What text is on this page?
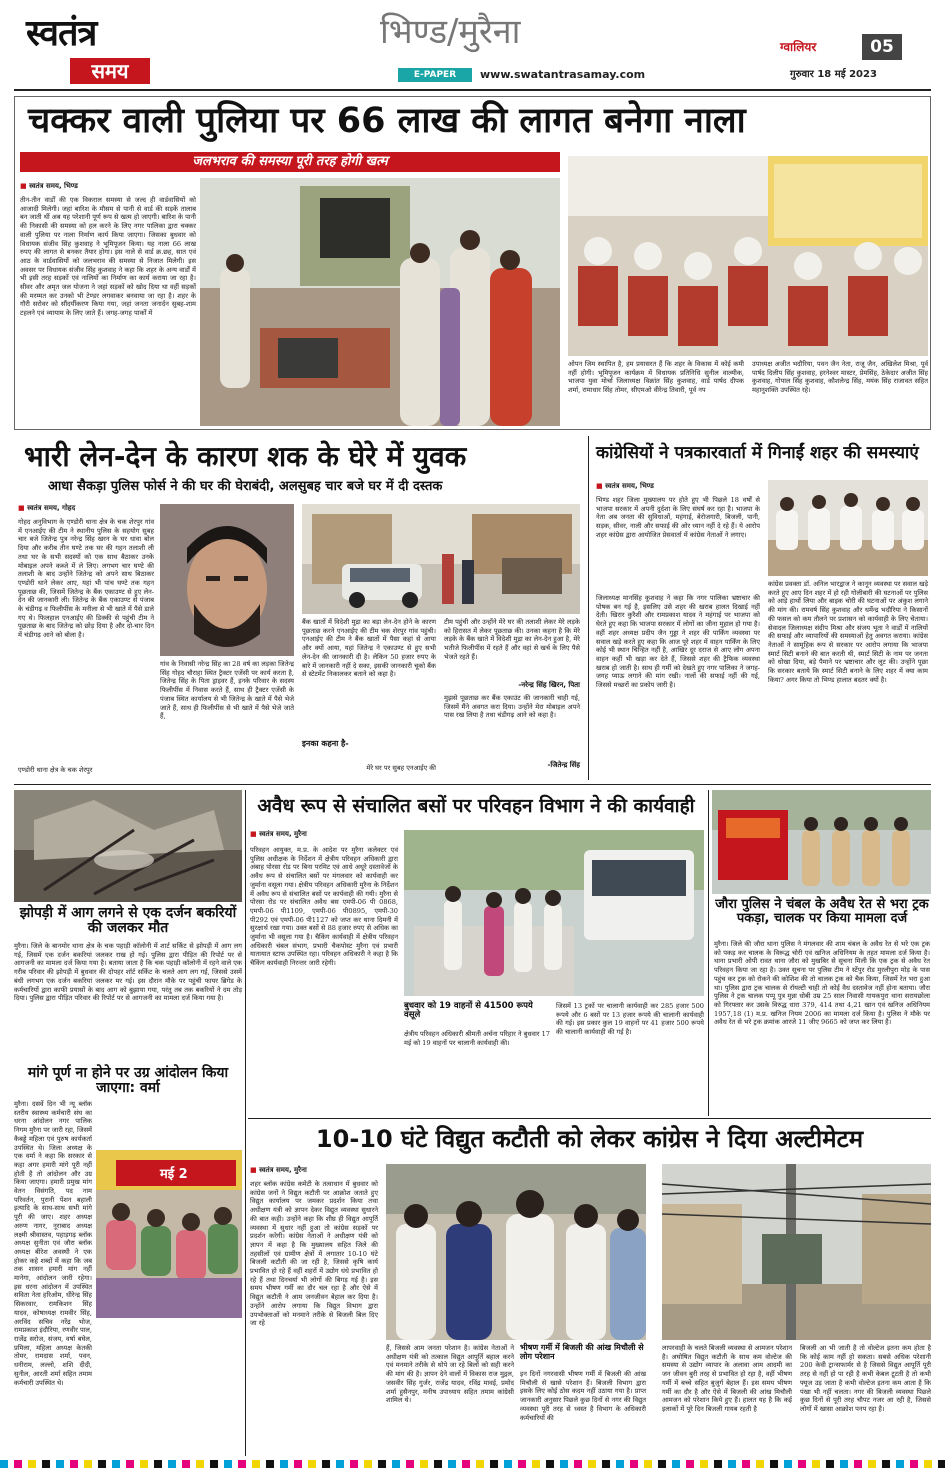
स्वतंत्र
समय
भिण्ड/मुरैना
E-PAPER	www.swatantrasamay.com
ग्वालियर	05
गुरुवार 18 मई 2023
चक्कर वाली पुलिया पर 66 लाख की लागत बनेगा नाला
जलभराव की समस्या पूरी तरह होगी खत्म
■ स्वतंत्र समय, भिण्ड
तीन-तीन वार्डों की एक विकराल समस्या से जल्द ही वार्डवासियों को आजादी मिलेगी। जहां बारिश के मौसम से पानी से वार्ड की सड़कें तालाब बन जाती थीं अब यह परेशानी पूर्ण रूप से खत्म हो जाएगी। बारिश के पानी की निकासी की समस्या को हल करने के लिए नगर पालिका द्वारा चक्कर वाली पुलिया पर नाला निर्माण कार्य किया जाएगा। जिसका बुधवार को विधायक संजीव सिंह कुशवाह ने भूमिपूजन किया। यह नाला 66 लाख रुपए की लागत से बनकर तैयार होगा। इस नाले से वार्ड क्र.छह, सात एवं आठ के वार्डवासियों को जलभराव की समस्या से निजात मिलेगी। इस अवसर पर विधायक संजीव सिंह कुशवाह ने कहा कि शहर के अन्य वार्डों में भी इसी तरह सड़कों एवं नालियों का निर्माण का कार्य कराया जा रहा है। सीवर और अमृत जल योजना ने जहां सड़कों को खोद दिया था वहीं सड़कों की मरम्मत कर उनको भी टेण्डर लगवाकर बनवाया जा रहा है। शहर के गौरी सरोवर को सौंदर्यीकरण किया गया, जहां जनता जनार्दन सुबह-शाम टहलने एवं व्यायाम के लिए जाते हैं। जगह-जगह पार्कों में
ओपन जिम स्थापित है, हम प्रयासरत हैं कि शहर के विकास में कोई कमी नहीं होगी। भूमिपूजन कार्यक्रम में विधायक प्रतिनिधि सुनील वाल्मीक, भाजपा युवा मोर्चा जिलाध्यक्ष विक्रांत सिंह कुशवाह, वार्ड पार्षद दीपक शर्मा, रामाधार सिंह तोमर, सीएमओ वीरेन्द्र तिवारी, पूर्व नप
उपाध्यक्ष अजीत भदौरिया, पवन जैन नेता, राजू जैन, अखिलेश मिश्रा, पूर्व पार्षद दिलीप सिंह कुशवाह, हरनेश्वर मास्टर, प्रेमसिंह, ठेकेदार अजीत सिंह कुशवाह, गोपाल सिंह कुशवाह, कौशलेन्द्र सिंह, मयंक सिंह राजावत सहित महानुशक्ति उपस्थित रहे।
भारी लेन-देन के कारण शक के घेरे में युवक
आधा सैकड़ा पुलिस फोर्स ने की घर की घेराबंदी, अलसुबह चार बजे घर में दी दस्तक
■ स्वतंत्र समय, गोहद
गोहद अनुविभाग के एण्डोरी थाना क्षेत्र के चक शेरपुर गांव में एनआईए की टीम ने स्थानीय पुलिस के सहयोग सुबह चार बजे जितेन्द्र पुत्र नरेन्द्र सिंह खरन के घर धावा बोल दिया और करीब तीन घण्टे तक घर की गहन तलाशी ली तथा घर के सभी सदस्यों को एक साथ बैठाकर उनके मोबाइल अपने कब्जे में ले लिए। लगभग चार घण्टे की तलाशी के बाद उन्होंने जितेन्द्र को अपने साथ बिठाकर एण्डोरी थाने लेकर आए, यहां भी पांच घण्टे तक गहन पूछताछ की, जिसमें जितेन्द्र के बैंक एकाउण्ट से हुए लेन-देन की जानकारी ली। जितेन्द्र के बैंक एकाउण्ट से पंजाब के चंडीगढ़ व फिलीपींस के मनीला से भी खाते में पैसे डाले गए थे। फिलहाल एनआईए की डिक्की से पहुंची टीम ने पूछताछ के बाद जितेन्द्र को छोड़ दिया है और दो-चार दिन में चंडीगढ़ आने को बोला है।
एण्डोरी थाना क्षेत्र के चक शेरपुर
गांव के निवासी नरेन्द्र सिंह का 28 वर्ष का लड़का जितेन्द्र सिंह गोहद चौराहा स्थित ट्रैक्टर एजेंसी पर कार्य करता है, जितेन्द्र सिंह के पिता ड्राइवर हैं, इनके परिवार के सदस्य फिलीपींस में निवास करते हैं, साथ ही ट्रैक्टर एजेंसी के पंजाब स्थित कार्यालय से भी जितेन्द्र के खाते में पैसे भेजे जाते हैं, साथ ही फिलीपींस से भी खाते में पैसे भेजे जाते हैं,
बैंक खातों में विदेशी मुद्रा का बड़ा लेन-देन होने के कारण पूछताछ करने एनआईए की टीम चक शेरपुर गांव पहुंची। एनआईए की टीम ने बैंक खातों में पैसा कहां से आया और क्यों आया, यहां जितेन्द्र ने एकाउण्ट से हुए सभी लेन-देन की जानकारी दी है। लेकिन 50 हजार रुपए के बारे में जानकारी नहीं दे सका, इसकी जानकारी चूको बैंक से स्टेटमेंट निकालकर बताने को कहा है।
इनका कहना है-
मेरे घर पर सुबह एनआईए की
टीम पहुंची और उन्होंने मेरे घर की तलाशी लेकर मेरे लड़के को हिरासत में लेकर पूछताछ की। उनका कहना है कि मेरे लड़के के बैंक खाते में विदेशी मुद्रा का लेन-देन हुआ है, मेरे भतीजे फिलीपींस में रहते हैं और वहां से खर्च के लिए पैसे भेजते रहते हैं।
-नरेन्द्र सिंह खिरन, पिता
मुझसे पूछताछ कर बैंक एकाउंट की जानकारी चाही गई, जिसमें मैंने अवगत करा दिया। उन्होंने मेरा मोबाइल अपने पास रख लिया है तथा चंडीगढ़ आने को कहा है।
-जितेन्द्र सिंह
कांग्रेसियों ने पत्रकारवार्ता में गिनाईं शहर की समस्याएं
■ स्वतंत्र समय, भिण्ड
भिण्ड शहर जिला मुख्यालय पर होते हुए भी पिछले 18 वर्षों से भाजपा सरकार में अपनी दुर्दशा के लिए संघर्ष कर रहा है। भाजपा के नेता अब जनता की सुविधाओं, महंगाई, बेरोजगारी, बिजली, पानी, सड़क, सीवर, नाली और सफाई की ओर ध्यान नहीं दे रहे हैं। ये आरोप शहर कांग्रेस द्वारा आयोजित प्रेसवार्ता में कांग्रेस नेताओं ने लगाए।
जिलाध्यक्ष मानसिंह कुशवाह ने कहा कि नगर पालिका भ्रष्टाचार की पोषक बन गई है, इसलिए उसे शहर की खराब हालत दिखाई नहीं देती। खिरार कुरैशी और रामप्रकाश यादव ने महंगाई पर भाजपा को घेरते हुए कहा कि भाजपा सरकार में लोगों का जीना मुहाल हो गया है। वहीं शहर अध्यक्ष प्रदीप जैन गुड्डा ने शहर की पार्किंग व्यवस्था पर सवाल खड़े करते हुए कहा कि आज पूरे शहर में वाहन पार्किंग के लिए कोई भी स्थान चिन्हित नहीं है, आखिर दूर दराज से आए लोग अपना वाहन कहीं भी खड़ा कर देते हैं, जिससे शहर की ट्रैफिक व्यवस्था खराब हो जाती है। साथ ही गर्मी को देखते हुए नगर पालिका ने जगह-जगह प्याऊ लगाने की मांग रखी। नालों की सफाई नहीं की गई, जिससे मच्छरों का प्रकोप जारी है।
कांग्रेस प्रवक्ता डॉ. अनिल भारद्वाज ने कानून व्यवस्था पर सवाल खड़े करते हुए आए दिन शहर में हो रही गोलीबारी की घटनाओं पर पुलिस को आड़े हाथों लिया और बाइक चोरी की घटनाओं पर अंकुश लगाने की मांग की। रामवर्ष सिंह कुशवाह और धर्मेन्द्र भदौरिया ने किसानों की फसल को कम तौलने पर प्रशासन को कार्यवाही के लिए चेताया। सेवादल जिलाध्यक्ष संदीप मिश्रा और संजय भूता ने वार्डों में नालियों की सफाई और व्यापारियों की समस्याओं हेतु अवगत कराया। कांग्रेस नेताओं ने सामूहिक रूप से सरकार पर आरोप लगाया कि भाजपा स्मार्ट सिटी बनाने की बात करती थी, स्मार्ट सिटी के नाम पर जनता को धोखा दिया, बड़े पैमाने पर भ्रष्टाचार और लूट की। उन्होंने पूछा कि सरकार बताये कि स्मार्ट सिटी बनाने के लिए शहर में क्या काम किया? अगर किया तो भिण्ड हालात बदतर क्यों है।
झोपड़ी में आग लगने से एक दर्जन बकरियों की जलकर मौत
मुरैना। जिले के बानमोर थाना क्षेत्र के चक पहाड़ी कॉलोनी में शार्ट सर्किट से झोपड़ी में आग लग गई, जिसमें एक दर्जन बकरियां जलकर राख हो गई। पुलिस द्वारा पीड़ित की रिपोर्ट पर से आगजनी का मामला दर्ज किया गया है। बताया जाता है कि चक पहाड़ी कॉलोनी में रहने वाले एक गरीब परिवार की झोपड़ी में बुधवार की दोपहर शॉर्ट सर्किट के चलते आग लग गई, जिससे उसमें बंधी लगभग एक दर्जन बकरियां जलकर मर गई। इस दौरान मौके पर पहुंची फायर ब्रिगेड के कर्मचारियों द्वारा काफी प्रयासों के बाद आग को बुझाया गया, परंतु तब तक बकरियों ने दम तोड़ दिया। पुलिस द्वारा पीड़ित परिवार की रिपोर्ट पर से आगजनी का मामला दर्ज किया गया है।
मांगे पूर्ण ना होने पर उग्र आंदोलन किया जाएगा: वर्मा
मई 2
मुरैना। दसवें दिन भी न्यू ब्लॉक स्तरीय स्वास्थ्य कर्मचारी संघ का धरना आंदोलन नगर पालिक निगम मुरैना पर जारी रहा, जिसमें कैबड्डे महिला एवं पुरुष कार्यकर्ता उपस्थित थे। जिला अध्यक्ष के एक वर्मा ने कहा कि सरकार से कहा अगर हमारी मांगे पूरी नहीं होती है तो आंदोलन और उग्र किया जाएगा। हमारी प्रमुख मांग वेतन विसंगति, पद नाम परिवर्तन, पुरानी पेंशन बहाली इत्यादि के साथ-साथ सभी मांगे पूरी की जाए। शहर अध्यक्ष अरुण नागर, नूराबाद अध्यक्ष लक्ष्मी श्रीवास्तव, पहाड़गढ़ ब्लॉक अध्यक्ष सुनीता एवं जौरा ब्लॉक अध्यक्ष बीरेश अवस्थी ने एक होकर कहे शब्दों में कहा कि जब तक शासन हमारी मांग नहीं मानेगा, आंदोलन जारी रहेगा। इस धरना आंदोलन में उपस्थित सविता नेता हरिओम, धीरेन्द्र सिंह सिकरवार, रामकिशन सिंह यादव, कोषाध्यक्ष रामवीर सिंह, अरविंद सचिव नरेंद्र भोज, रामप्रकाश इंदौरिया, रणवीर पाल, राजेंद्र सरोज, संजय, वर्षा बघेल, प्रमिला, महिला अध्यक्ष केतकी तोमर, रामदास शर्मा, पवन, धनीराम, लल्लो, शशि दीदी, सुनील, आरती शर्मा सहित तमाम कर्मचारी उपस्थित थे।
अवैध रूप से संचालित बसों पर परिवहन विभाग ने की कार्यवाही
■ स्वतंत्र समय, मुरैना
परिवहन आयुक्त, म.प्र. के आदेश पर मुरैना कलेक्टर एवं पुलिस अधीक्षक के निर्देशन में क्षेत्रीय परिवहन अधिकारी द्वारा अंबाह पोरसा रोड पर बिना परमिट एवं आधे अधूरे दस्तावेजों के अवैध रूप से संचालित बसों पर मंगलवार को कार्यवाही कर जुर्माना वसूला गया। क्षेत्रीय परिवहन अधिकारी मुरैना के निर्देशन में अवैध रूप से संचालित बसों पर कार्यवाही की गयी। मुरैना से पोरसा रोड पर संचालित अवैध बस एमपी-06 पी 0868, एमपी-06 पी1109, एमपी-06 पी0895, एमपी-30 पी292 एवं एमपी-06 पी1127 को जप्त कर थाना दिमनी में सुरक्षार्थ रखा गया। उक्त बसों से 88 हजार रुपए से अधिक का जुर्माना भी वसूला गया है। चैकिंग कार्यवाही में क्षेत्रीय परिवहन अधिकारी चंबल संभाग, प्रभारी चैकपोस्ट मुरैना एवं प्रभारी यातायात स्टाफ उपस्थित रहा। परिवहन अधिकारी ने कहा है कि चैकिंग कार्यवाही निरन्तर जारी रहेगी।
बुधवार को 19 वाहनों से 41500 रूपये वसूले
क्षेत्रीय परिवहन अधिकारी श्रीमती अर्चना परिहार ने बुधवार 17 मई को 19 वाहनों पर चालानी कार्यवाही की।
जिसमें 13 ट्रकों पर चालानी कार्यवाही कर 285 हजार 500 रूपये और 6 बसों पर 13 हजार रूपये की चालानी कार्यवाही की गई। इस प्रकार कुल 19 वाहनों पर 41 हजार 500 रूपये की चालानी कार्यवाही की गई है।
जौरा पुलिस ने चंबल के अवैध रेत से भरा ट्रक पकड़ा, चालक पर किया मामला दर्ज
मुरैना। जिले की जौरा थाना पुलिस ने मंगलवार की शाम चंबल के अवैध रेत से भरे एक ट्रक को पकड़ कर चालक के विरूद्ध चोरी एवं खनिज अधिनियम के तहत मामला दर्ज किया है। थाना प्रभारी ओपी रावत थाना जौरा को मुखबिर से सूचना मिली कि एक ट्रक से अवैध रेत परिवहन किया जा रहा है। उक्त सूचना पर पुलिस टीम ने स्टेंपुर रोड मुरलीपुरा मोड़ के पास पहुंच कर ट्रक को रोकने की कोशिश की तो चालक ट्रक को चैक किया, जिसमें रेत भरा हुआ था। पुलिस द्वारा ट्रक चालक से रॉयल्टी चाही तो कोई वैध दस्तावेज नहीं होना बताया। जौरा पुलिस ने ट्रक चालक पप्पू पुत्र मुन्ना धोबी उम्र 25 साल निवासी गायकपुरा थाना सरायछोला को गिरफ्तार कर उसके विरुद्ध धारा 379, 414 तथा 4,21 खान एवं खनिज अधिनियम 1957,18 (1) म.प्र. खनिज नियम 2006 का मामला दर्ज किया है। पुलिस ने मौके पर अवैध रेत से भरे ट्रक क्रमांक आरजे 11 जीए 9665 को जप्त कर लिया है।
10-10 घंटे विद्युत कटौती को लेकर कांग्रेस ने दिया अल्टीमेटम
■ स्वतंत्र समय, मुरैना
शहर ब्लॉक कांग्रेस कमेटी के तत्वाधान में बुधवार को कांग्रेस जनों ने विद्युत कटौती पर आक्रोश जताते हुए विद्युत कार्यालय पर जमकर प्रदर्शन किया तथा अधीक्षण यंत्री को ज्ञापन देकर विद्युत व्यवस्था सुधारने की बात कही। उन्होंने कहा कि शीघ्र ही विद्युत आपूर्ति व्यवस्था में सुधार नहीं हुआ तो कांग्रेस सड़कों पर प्रदर्शन करेगी। कांग्रेस नेताओं ने अधीक्षण यंत्री को ज्ञापन में कहा है कि मुख्यालय सहित जिले की तहसीलों एवं ग्रामीण क्षेत्रों में लगातार 10-10 घंटे बिजली कटौती की जा रही है, जिससे कृषि कार्य प्रभावित हो रहे हैं वहीं शहरों में उद्योग धंधे प्रभावित हो रहे हैं तथा दिनचर्या भी लोगों की बिगड़ गई है। इस समय भीषण गर्मी का दौर चल रहा है और ऐसे में विद्युत कटौती ने आम जनजीवन बेहाल कर दिया है। उन्होंने आरोप लगाया कि विद्युत विभाग द्वारा उपभोक्ताओं को मनमाने तरीके से बिजली बिल दिए जा रहे
हैं, जिससे आम जनता परेशान है। कांग्रेस नेताओं ने अधीक्षण यंत्री को तत्काल विद्युत आपूर्ति बहाल करने एवं मनमाने तरीके से थोपे जा रहे बिलों को सही करने की मांग की है। ज्ञापन देने वालों में विकास राज मुद्गल, जसवीर सिंह गुर्जर, राजेंद्र यादव, रविंद्र मावई, प्रमोद शर्मा हुसैनपुर, मनीष उपाध्याय सहित तमाम कांग्रेसी शामिल थे।
भीषण गर्मी में बिजली की आंख मिचौली से लोग परेशान
इन दिनों नगरवासी भीषण गर्मी में बिजली की आंख मिचौली से खासे परेशान हैं। बिजली विभाग द्वारा इसके लिए कोई ठोस कदम नहीं उठाया गया है। प्राप्त जानकारी अनुसार पिछले कुछ दिनों से नगर की विद्युत व्यवस्था पूरी तरह से ध्वस्त है विभाग के अधिकारी कर्मचारियों की
लापरवाही के चलते बिजली व्यवस्था से आमजन परेशान है। अघोषित विद्युत कटौती के साथ कम वोल्टेज की समस्या से उद्योग व्यापार के अलावा आम आदमी का जन जीवन बुरी तरह से प्रभावित हो रहा है, वहीं भीषण गर्मी में बच्चे सहित बुजुर्ग बेहाल हैं। इस समय भीषण गर्मी का दौर है और ऐसे में बिजली की आंख मिचौली आमजन को परेशान किये हुए हैं। हालत यह है कि कई इलाकों में पूरे दिन बिजली गायब रहती है
बिजली आ भी जाती है तो वोल्टेज इतना कम होता है कि कोई काम नहीं हो सकता। सबसे अधिक परेशानी 200 केवी ट्रान्सफार्मर से है जिससे विद्युत आपूर्ति पूरी तरह से नहीं हो पा रही है कभी केबल टूटती है तो कभी फ्यूज उड़ जाता है कभी वोल्टेज इतना कम आता है कि पंखा भी नहीं चलता। नगर की बिजली व्यवस्था पिछले कुछ दिनों से पूरी तरह चौपट नजर आ रही है, जिससे लोगों में खासा आक्रोश पनप रहा है।
